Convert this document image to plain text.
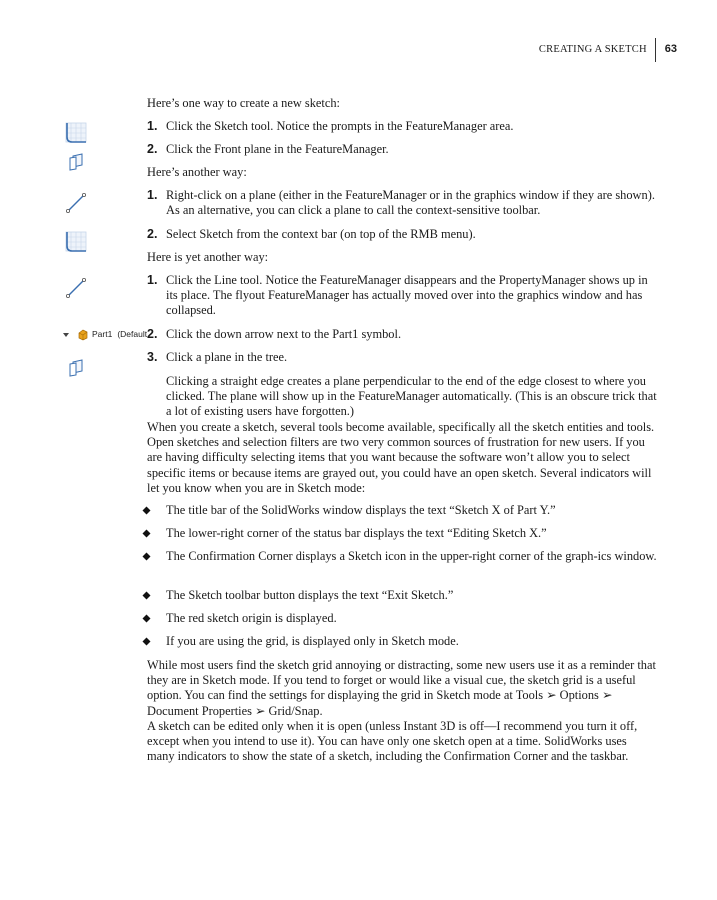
CREATING A SKETCH	63
Part1 (Default
Here’s one way to create a new sketch:
1. Click the Sketch tool. Notice the prompts in the FeatureManager area.
2. Click the Front plane in the FeatureManager.
Here’s another way:
1. Right-click on a plane (either in the FeatureManager or in the graphics window if they are shown). As an alternative, you can click a plane to call the context-sensitive toolbar.
2. Select Sketch from the context bar (on top of the RMB menu).
Here is yet another way:
1. Click the Line tool. Notice the FeatureManager disappears and the PropertyManager shows up in its place. The flyout FeatureManager has actually moved over into the graphics window and has collapsed.
2. Click the down arrow next to the Part1 symbol.
3. Click a plane in the tree.
Clicking a straight edge creates a plane perpendicular to the end of the edge closest to where you clicked. The plane will show up in the FeatureManager automatically. (This is an obscure trick that a lot of existing users have forgotten.)
When you create a sketch, several tools become available, specifically all the sketch entities and tools. Open sketches and selection filters are two very common sources of frustration for new users. If you are having difficulty selecting items that you want because the software won’t allow you to select specific items or because items are grayed out, you could have an open sketch. Several indicators will let you know when you are in Sketch mode:
The title bar of the SolidWorks window displays the text “Sketch X of Part Y.”
The lower-right corner of the status bar displays the text “Editing Sketch X.”
The Confirmation Corner displays a Sketch icon in the upper-right corner of the graph-ics window.
The Sketch toolbar button displays the text “Exit Sketch.”
The red sketch origin is displayed.
If you are using the grid, is displayed only in Sketch mode.
While most users find the sketch grid annoying or distracting, some new users use it as a reminder that they are in Sketch mode. If you tend to forget or would like a visual cue, the sketch grid is a useful option. You can find the settings for displaying the grid in Sketch mode at Tools ➢ Options ➢ Document Properties ➢ Grid/Snap.
A sketch can be edited only when it is open (unless Instant 3D is off—I recommend you turn it off, except when you intend to use it). You can have only one sketch open at a time. SolidWorks uses many indicators to show the state of a sketch, including the Confirmation Corner and the taskbar.
